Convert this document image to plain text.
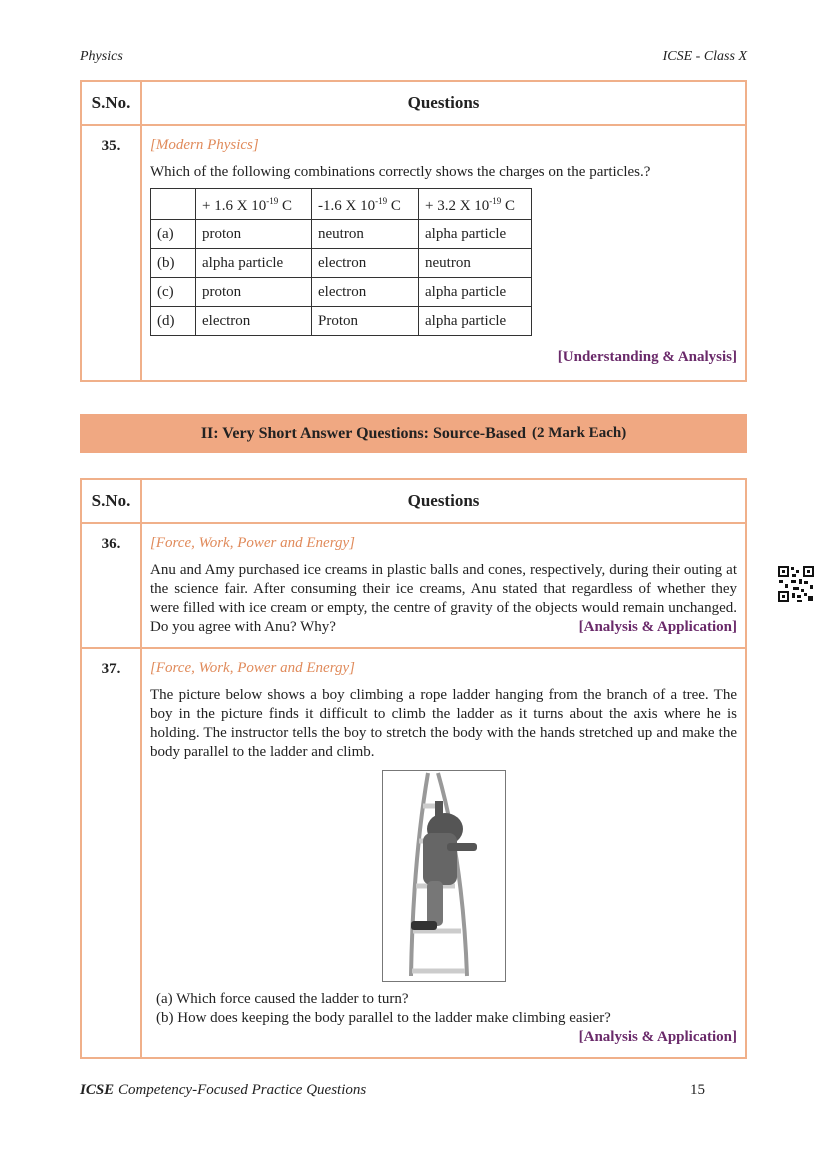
Physics	ICSE - Class X
S.No.	Questions
35.	[Modern Physics]
Which of the following combinations correctly shows the charges on the particles.?
	+ 1.6 X $10^{-19}$ C	-1.6 X $10^{-19}$ C	+ 3.2 X $10^{-19}$ C
(a)	proton	neutron	alpha particle
(b)	alpha particle	electron	neutron
(c)	proton	electron	alpha particle
(d)	electron	Proton	alpha particle
[Understanding & Analysis]
II: Very Short Answer Questions: Source-Based (2 Mark Each)
S.No.	Questions
36.	[Force, Work, Power and Energy]
Anu and Amy purchased ice creams in plastic balls and cones, respectively, during their outing at the science fair. After consuming their ice creams, Anu stated that regardless of whether they were filled with ice cream or empty, the centre of gravity of the objects would remain unchanged. Do you agree with Anu? Why? [Analysis & Application]

37.	[Force, Work, Power and Energy]
The picture below shows a boy climbing a rope ladder hanging from the branch of a tree. The boy in the picture finds it difficult to climb the ladder as it turns about the axis where he is holding. The instructor tells the boy to stretch the body with the hands stretched up and make the body parallel to the ladder and climb.
(a) Which force caused the ladder to turn?
(b) How does keeping the body parallel to the ladder make climbing easier?
[Analysis & Application]
ICSE Competency-Focused Practice Questions	15
